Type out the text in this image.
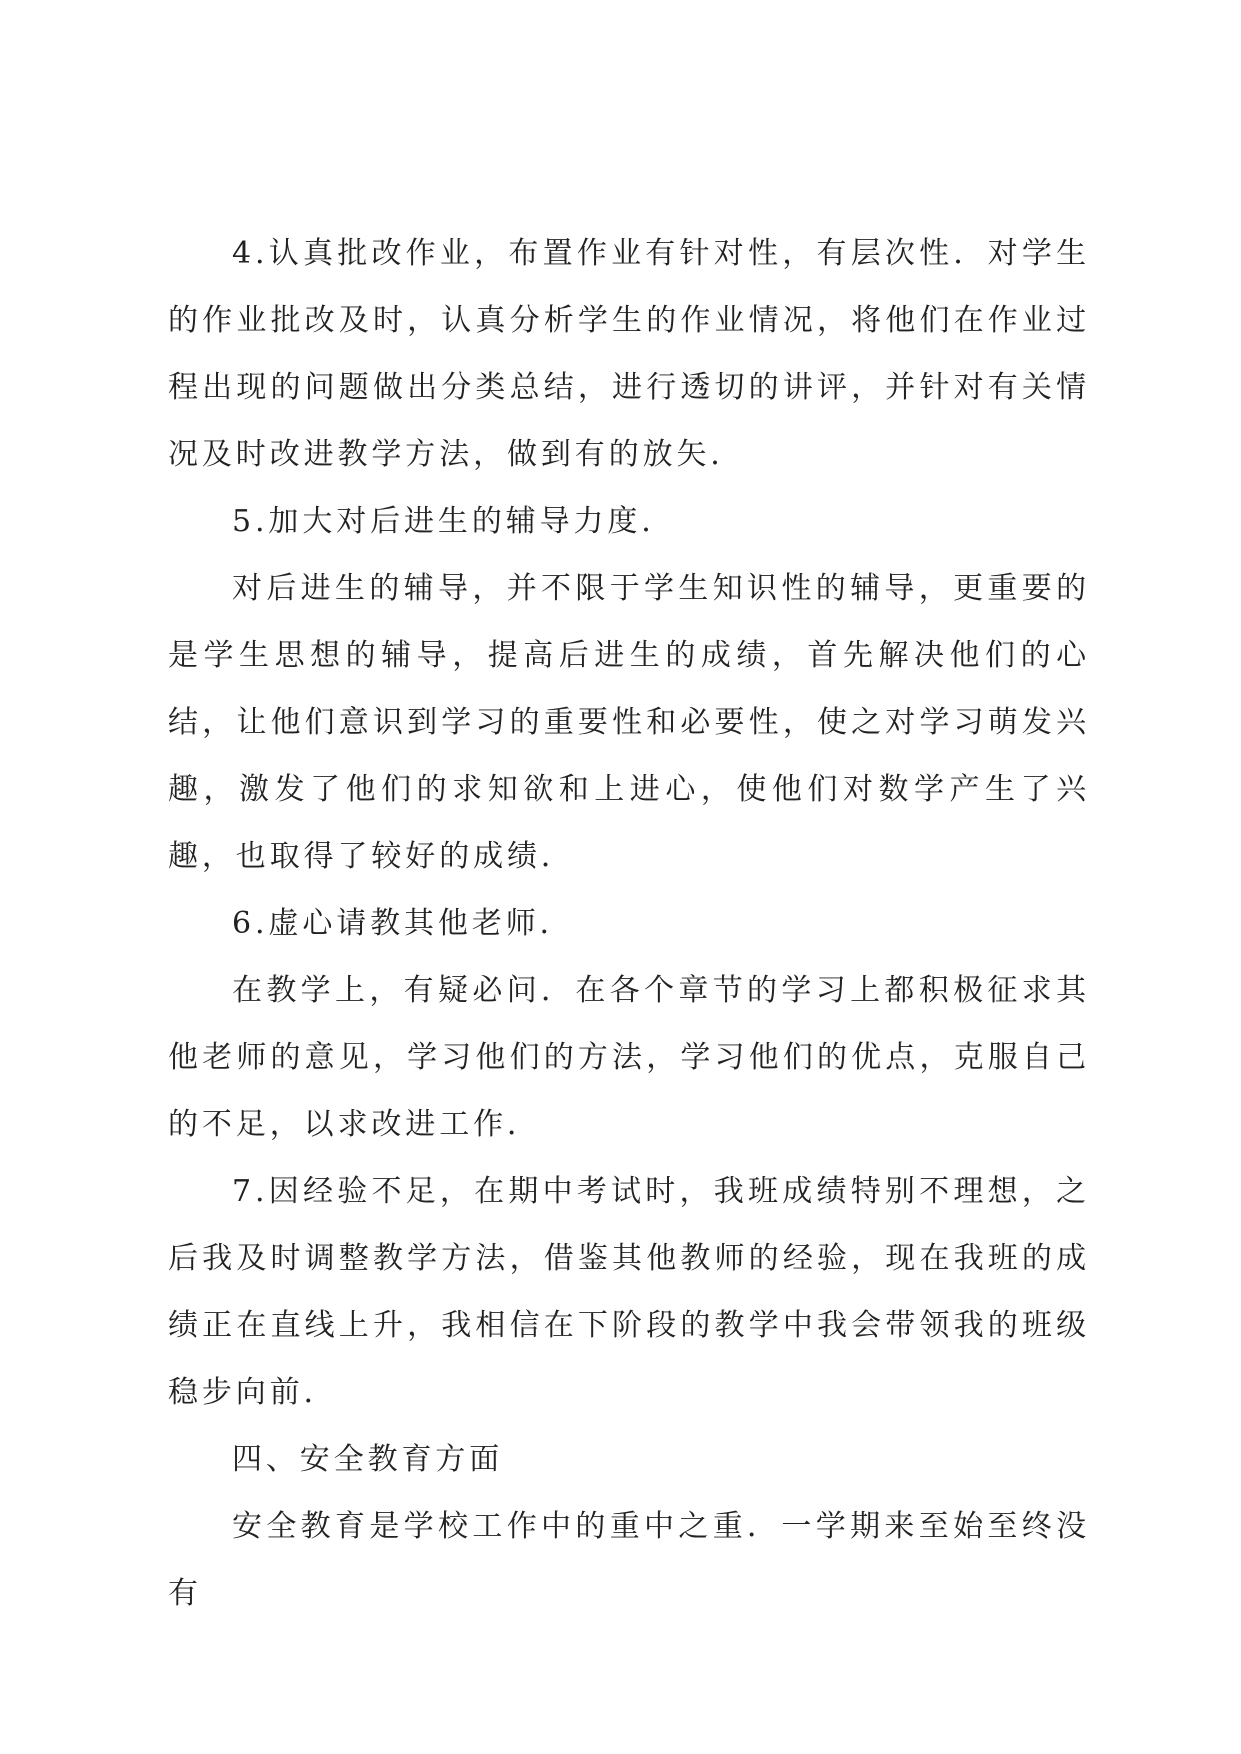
4.认真批改作业，布置作业有针对性，有层次性．对学生的作业批改及时，认真分析学生的作业情况，将他们在作业过程出现的问题做出分类总结，进行透切的讲评，并针对有关情况及时改进教学方法，做到有的放矢．

5.加大对后进生的辅导力度．

对后进生的辅导，并不限于学生知识性的辅导，更重要的是学生思想的辅导，提高后进生的成绩，首先解决他们的心结，让他们意识到学习的重要性和必要性，使之对学习萌发兴趣，激发了他们的求知欲和上进心，使他们对数学产生了兴趣，也取得了较好的成绩．

6.虚心请教其他老师．

在教学上，有疑必问．在各个章节的学习上都积极征求其他老师的意见，学习他们的方法，学习他们的优点，克服自己的不足，以求改进工作．

7.因经验不足，在期中考试时，我班成绩特别不理想，之后我及时调整教学方法，借鉴其他教师的经验，现在我班的成绩正在直线上升，我相信在下阶段的教学中我会带领我的班级稳步向前．

四、安全教育方面

安全教育是学校工作中的重中之重．一学期来至始至终没有
